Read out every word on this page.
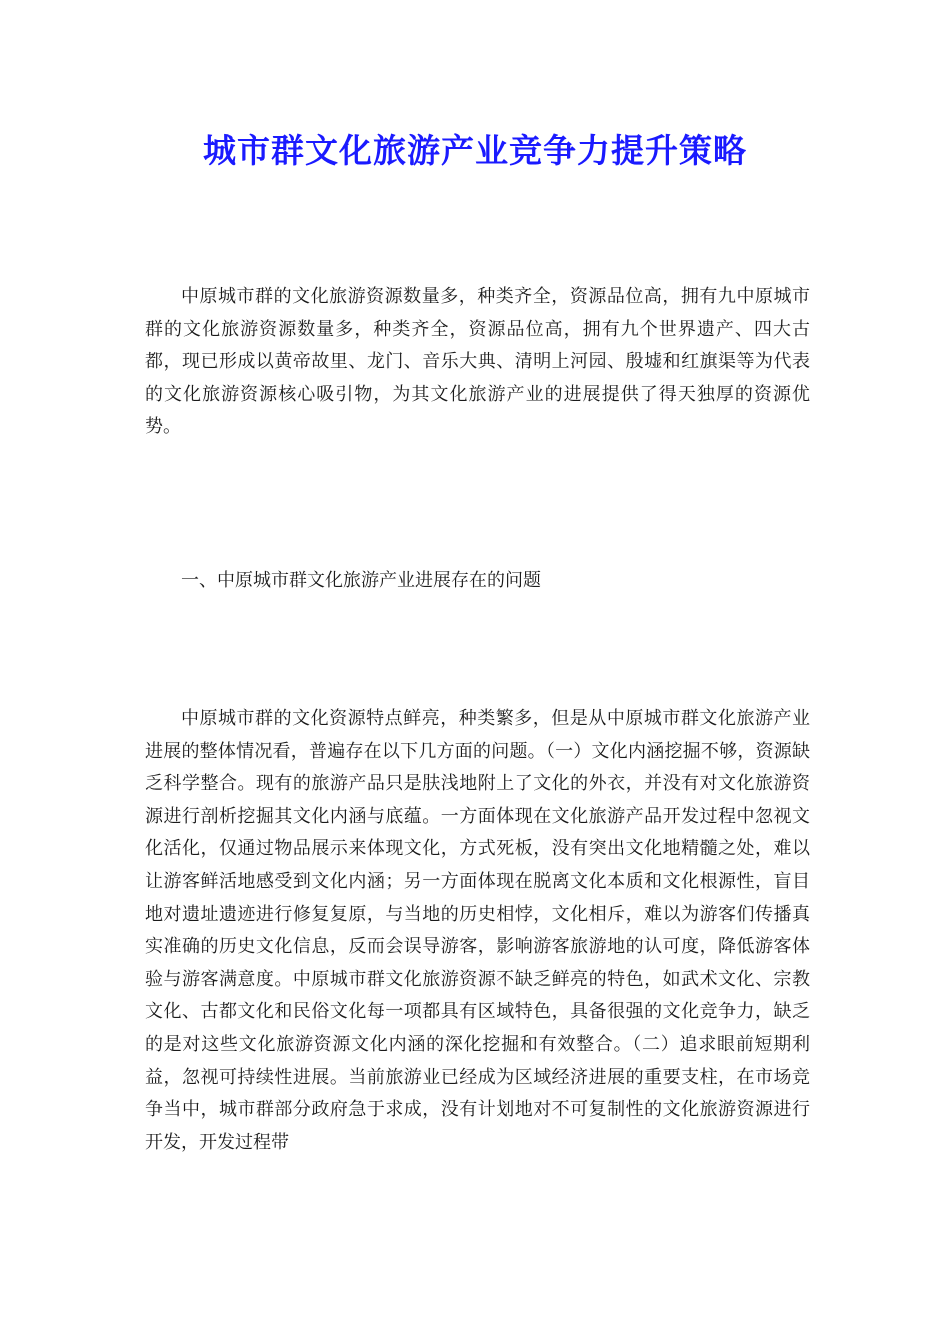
城市群文化旅游产业竞争力提升策略

中原城市群的文化旅游资源数量多，种类齐全，资源品位高，拥有九中原城市群的文化旅游资源数量多，种类齐全，资源品位高，拥有九个世界遗产、四大古都，现已形成以黄帝故里、龙门、音乐大典、清明上河园、殷墟和红旗渠等为代表的文化旅游资源核心吸引物，为其文化旅游产业的进展提供了得天独厚的资源优势。

一、中原城市群文化旅游产业进展存在的问题

中原城市群的文化资源特点鲜亮，种类繁多，但是从中原城市群文化旅游产业进展的整体情况看，普遍存在以下几方面的问题。（一）文化内涵挖掘不够，资源缺乏科学整合。现有的旅游产品只是肤浅地附上了文化的外衣，并没有对文化旅游资源进行剖析挖掘其文化内涵与底蕴。一方面体现在文化旅游产品开发过程中忽视文化活化，仅通过物品展示来体现文化，方式死板，没有突出文化地精髓之处，难以让游客鲜活地感受到文化内涵；另一方面体现在脱离文化本质和文化根源性，盲目地对遗址遗迹进行修复复原，与当地的历史相悖，文化相斥，难以为游客们传播真实准确的历史文化信息，反而会误导游客，影响游客旅游地的认可度，降低游客体验与游客满意度。中原城市群文化旅游资源不缺乏鲜亮的特色，如武术文化、宗教文化、古都文化和民俗文化每一项都具有区域特色，具备很强的文化竞争力，缺乏的是对这些文化旅游资源文化内涵的深化挖掘和有效整合。（二）追求眼前短期利益，忽视可持续性进展。当前旅游业已经成为区域经济进展的重要支柱，在市场竞争当中，城市群部分政府急于求成，没有计划地对不可复制性的文化旅游资源进行开发，开发过程带
